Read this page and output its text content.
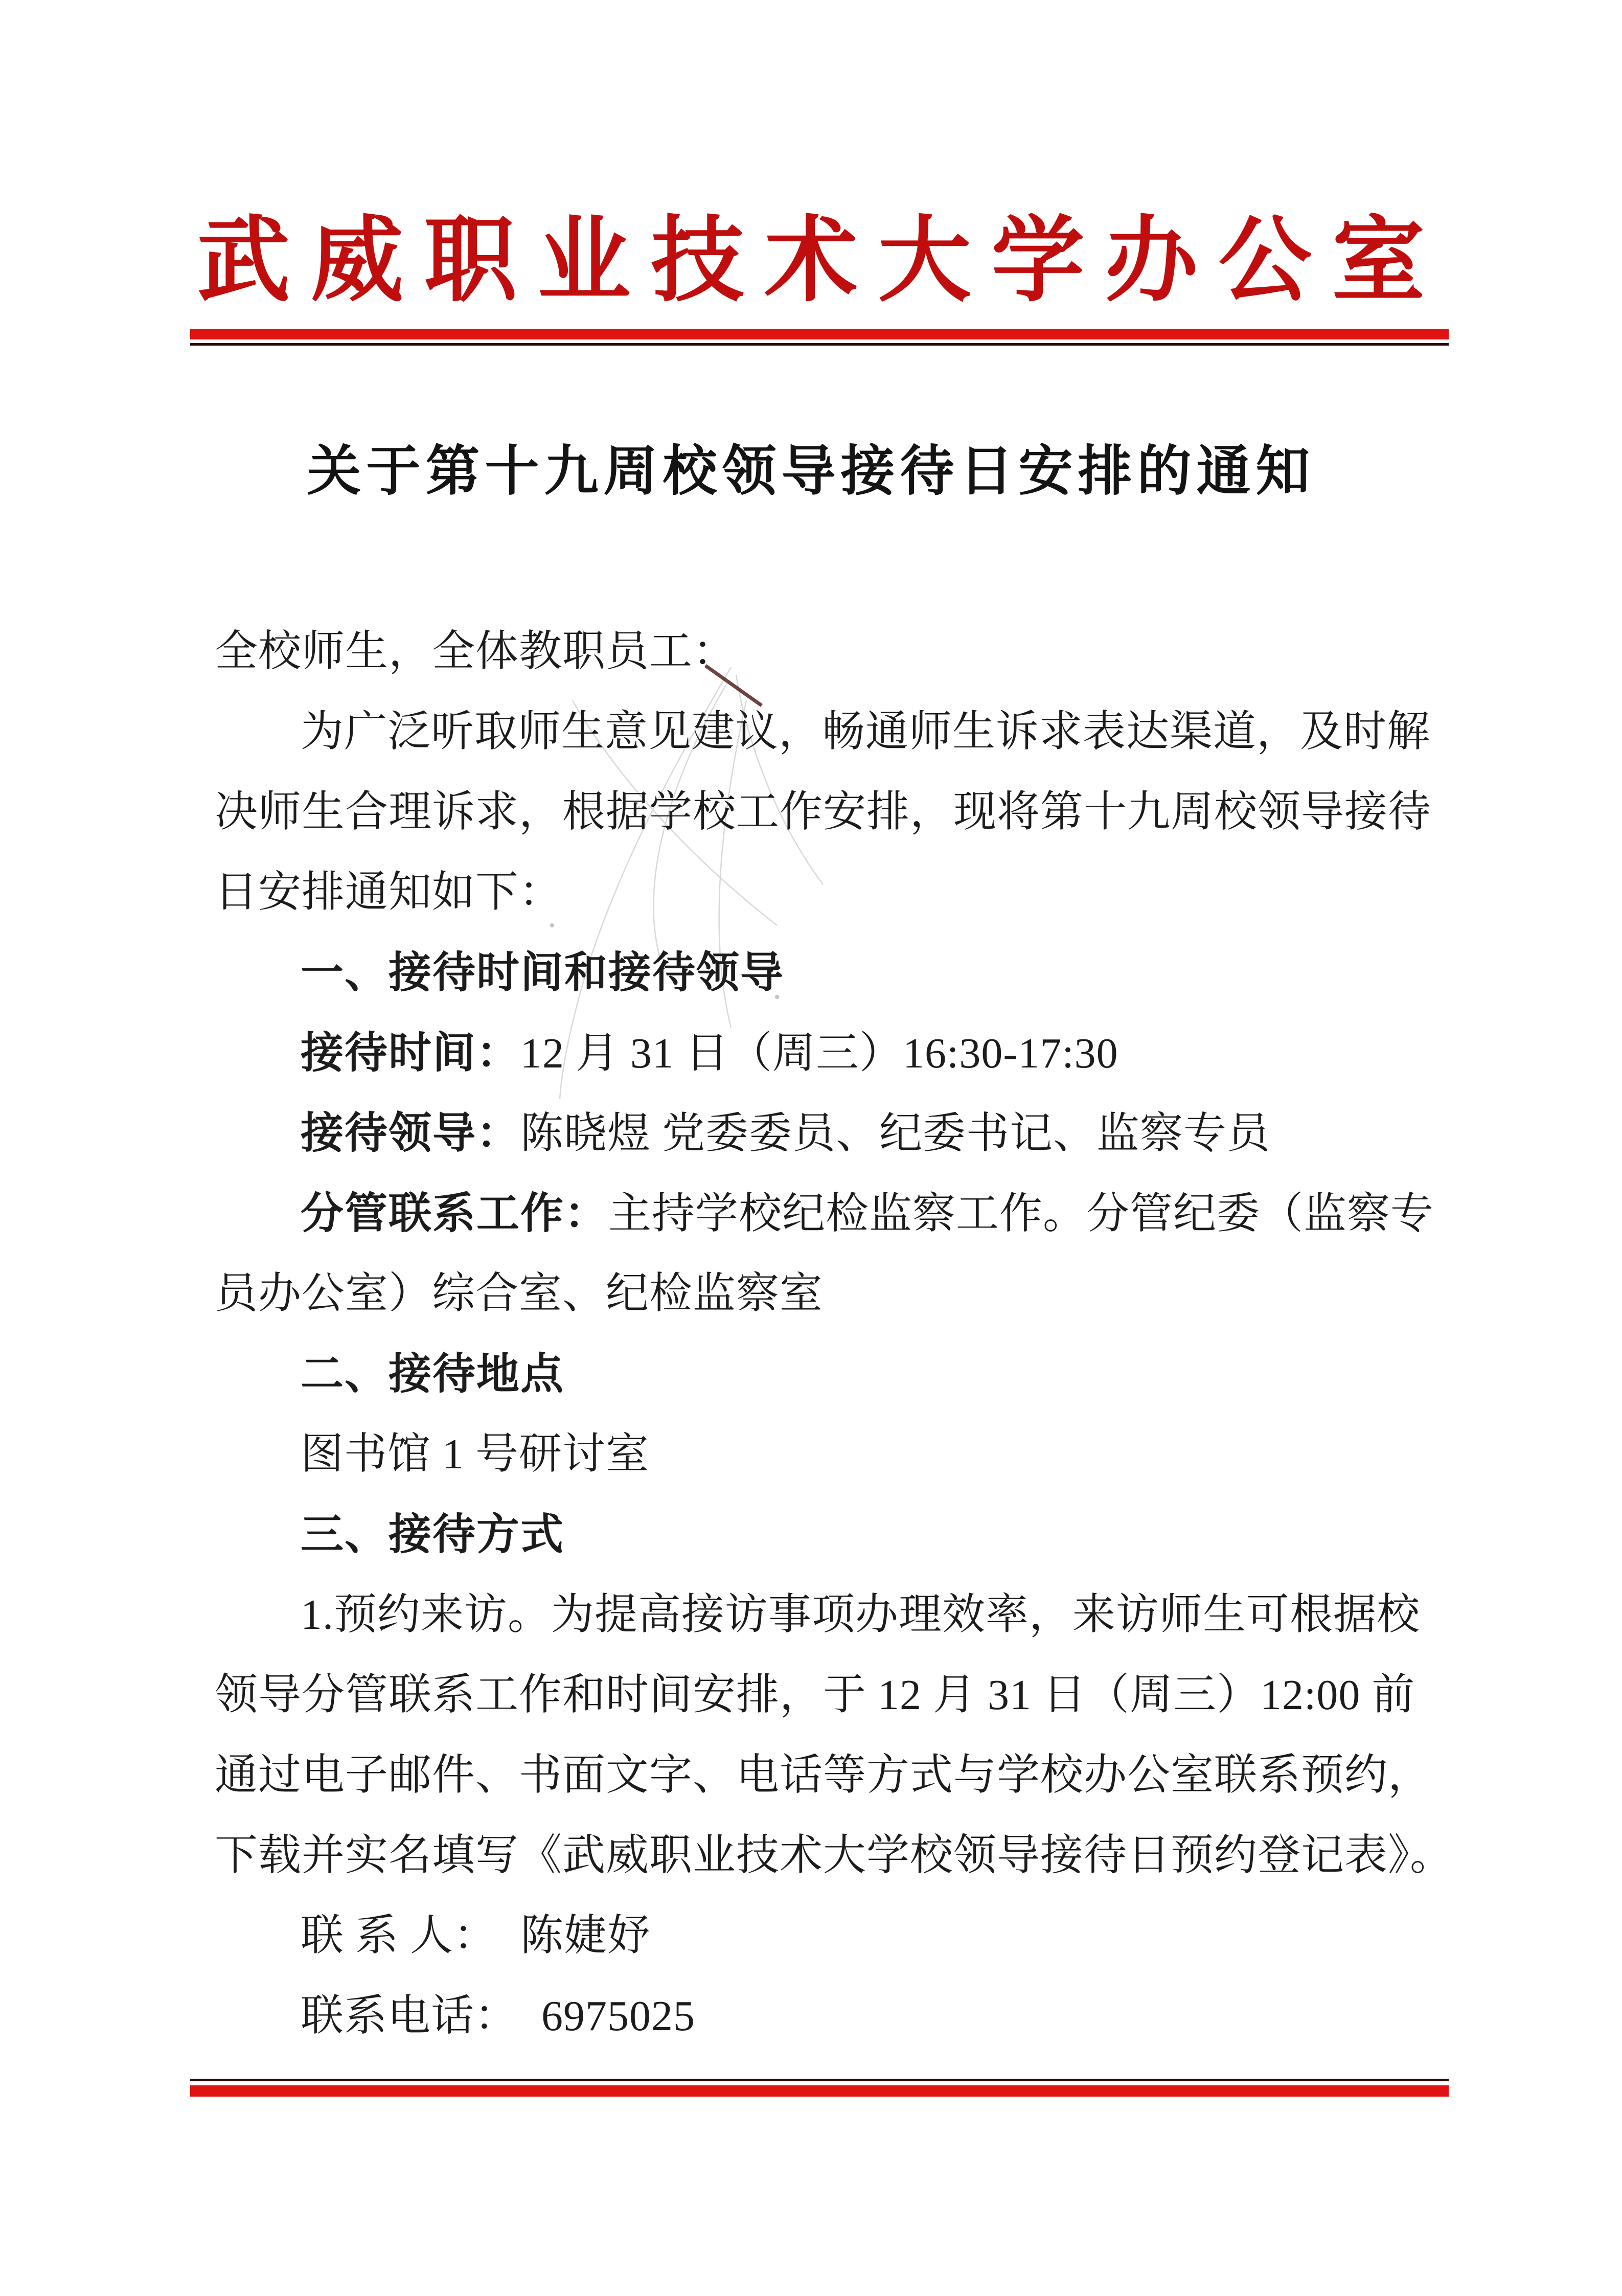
武威职业技术大学办公室
关于第十九周校领导接待日安排的通知
全校师生，全体教职员工：
为广泛听取师生意见建议，畅通师生诉求表达渠道，及时解
决师生合理诉求，根据学校工作安排，现将第十九周校领导接待
日安排通知如下：
一、接待时间和接待领导
接待时间：12 月 31 日（周三）16:30-17:30
接待领导：陈晓煜 党委委员、纪委书记、监察专员
分管联系工作：主持学校纪检监察工作。分管纪委（监察专
员办公室）综合室、纪检监察室
二、接待地点
图书馆 1 号研讨室
三、接待方式
1.预约来访。为提高接访事项办理效率，来访师生可根据校
领导分管联系工作和时间安排，于 12 月 31 日（周三）12:00 前
通过电子邮件、书面文字、电话等方式与学校办公室联系预约，
下载并实名填写《武威职业技术大学校领导接待日预约登记表》。
联 系 人： 陈婕妤
联系电话： 6975025
